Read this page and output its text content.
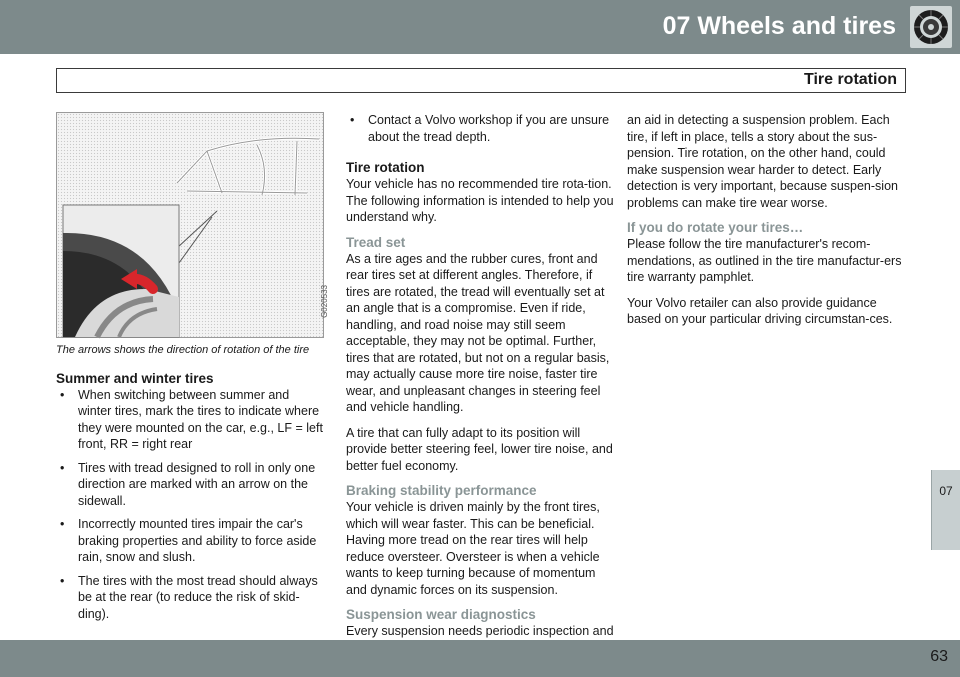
07 Wheels and tires
Tire rotation
07
G020533
The arrows shows the direction of rotation of the tire
Summer and winter tires
• When switching between summer and winter tires, mark the tires to indicate where they were mounted on the car, e.g., LF = left front, RR = right rear
• Tires with tread designed to roll in only one direction are marked with an arrow on the sidewall.
• Incorrectly mounted tires impair the car's braking properties and ability to force aside rain, snow and slush.
• The tires with the most tread should always be at the rear (to reduce the risk of skid-ding).
• Contact a Volvo workshop if you are unsure about the tread depth.
Tire rotation

Your vehicle has no recommended tire rota-tion. The following information is intended to help you understand why.

Tread set

As a tire ages and the rubber cures, front and rear tires set at different angles. Therefore, if tires are rotated, the tread will eventually set at an angle that is a compromise. Even if ride, handling, and road noise may still seem acceptable, they may not be optimal. Further, tires that are rotated, but not on a regular basis, may actually cause more tire noise, faster tire wear, and unpleasant changes in steering feel and vehicle handling.

A tire that can fully adapt to its position will provide better steering feel, lower tire noise, and better fuel economy.

Braking stability performance

Your vehicle is driven mainly by the front tires, which will wear faster. This can be beneficial. Having more tread on the rear tires will help reduce oversteer. Oversteer is when a vehicle wants to keep turning because of momentum and dynamic forces on its suspension.

Suspension wear diagnostics

Every suspension needs periodic inspection and

an aid in detecting a suspension problem. Each tire, if left in place, tells a story about the sus-pension. Tire rotation, on the other hand, could make suspension wear harder to detect. Early detection is very important, because suspen-sion problems can make tire wear worse.

If you do rotate your tires…

Please follow the tire manufacturer's recom-mendations, as outlined in the tire manufactur-ers tire warranty pamphlet.

Your Volvo retailer can also provide guidance based on your particular driving circumstan-ces.

63
